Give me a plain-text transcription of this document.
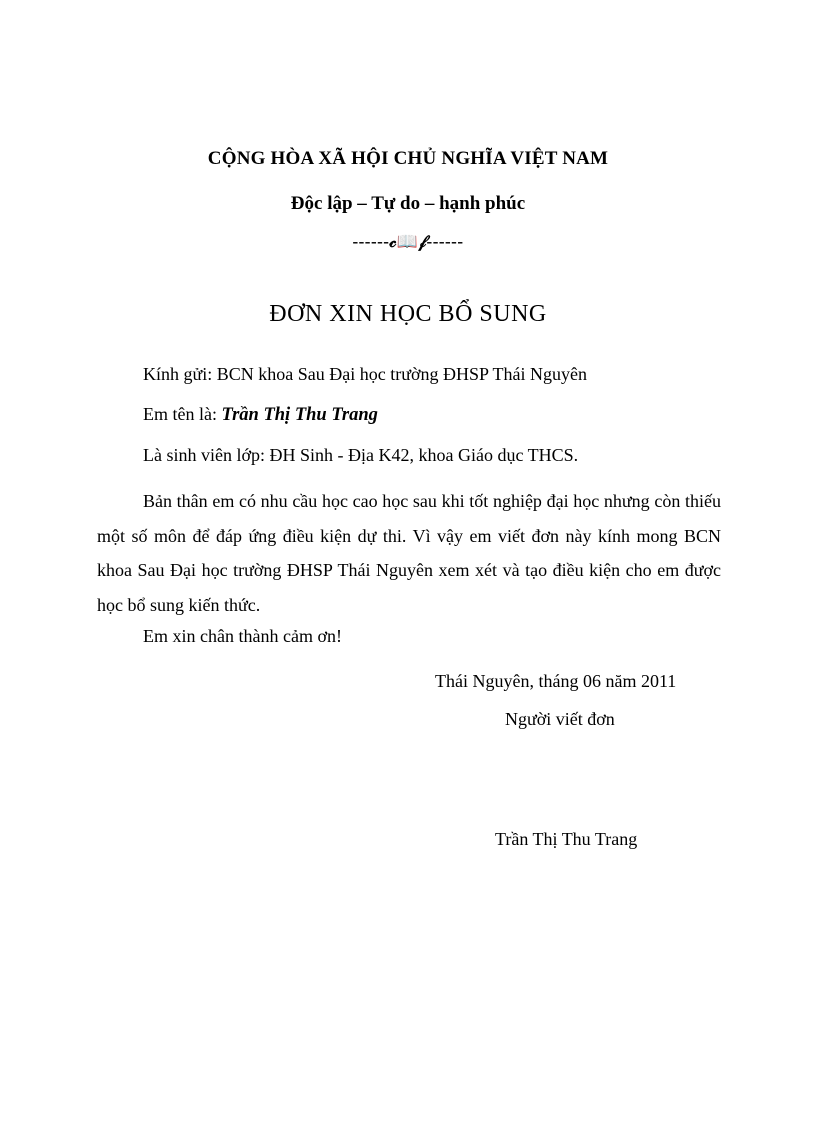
CỘNG HÒA XÃ HỘI CHỦ NGHĨA VIỆT NAM
Độc lập – Tự do – hạnh phúc
------𝒸📖𝒻------
ĐƠN XIN HỌC BỔ SUNG
Kính gửi: BCN khoa Sau Đại học trường ĐHSP Thái Nguyên
Em tên là: Trần Thị Thu Trang
Là sinh viên lớp: ĐH Sinh - Địa K42, khoa Giáo dục THCS.
Bản thân em có nhu cầu học cao học sau khi tốt nghiệp đại học nhưng còn thiếu một số môn để đáp ứng điều kiện dự thi. Vì vậy em viết đơn này kính mong BCN khoa Sau Đại học trường ĐHSP Thái Nguyên xem xét và tạo điều kiện cho em được học bổ sung kiến thức.
Em xin chân thành cảm ơn!
Thái Nguyên, tháng 06 năm 2011
Người viết đơn
Trần Thị Thu Trang
